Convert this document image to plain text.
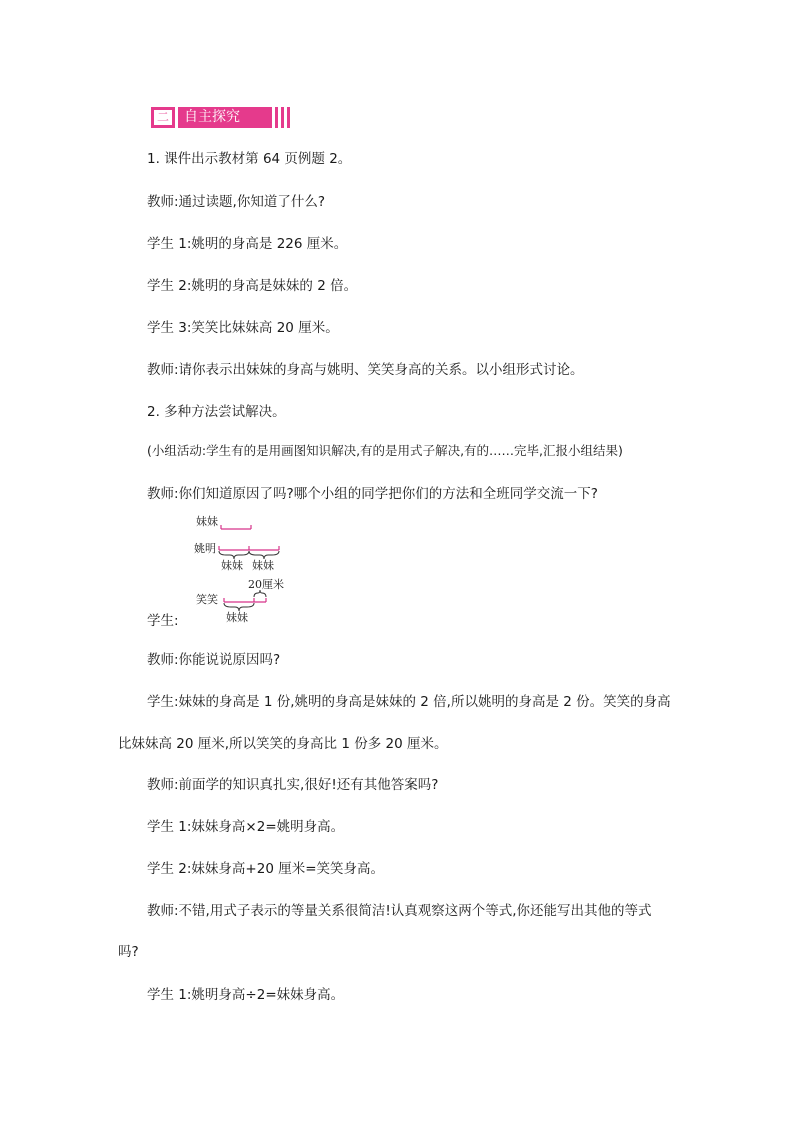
二	自主探究

1. 课件出示教材第 64 页例题 2。

教师:通过读题,你知道了什么?

学生 1:姚明的身高是 226 厘米。

学生 2:姚明的身高是妹妹的 2 倍。

学生 3:笑笑比妹妹高 20 厘米。

教师:请你表示出妹妹的身高与姚明、笑笑身高的关系。以小组形式讨论。

2. 多种方法尝试解决。

(小组活动:学生有的是用画图知识解决,有的是用式子解决,有的……完毕,汇报小组结果)

教师:你们知道原因了吗?哪个小组的同学把你们的方法和全班同学交流一下?

妹妹
姚明
妹妹 妹妹
20厘米
笑笑
妹妹

学生:

教师:你能说说原因吗?

学生:妹妹的身高是 1 份,姚明的身高是妹妹的 2 倍,所以姚明的身高是 2 份。笑笑的身高

比妹妹高 20 厘米,所以笑笑的身高比 1 份多 20 厘米。

教师:前面学的知识真扎实,很好!还有其他答案吗?

学生 1:妹妹身高×2=姚明身高。

学生 2:妹妹身高+20 厘米=笑笑身高。

教师:不错,用式子表示的等量关系很简洁!认真观察这两个等式,你还能写出其他的等式

吗?

学生 1:姚明身高÷2=妹妹身高。
